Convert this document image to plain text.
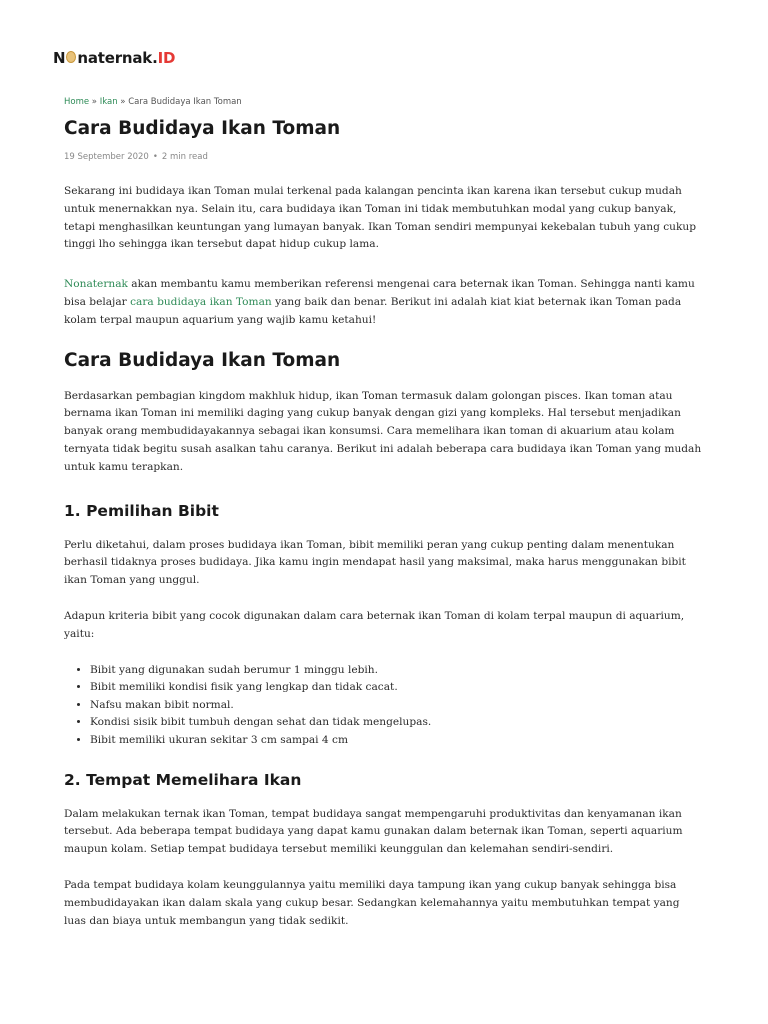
N naternak . ID
Home » Ikan » Cara Budidaya Ikan Toman
Cara Budidaya Ikan Toman
19 September 2020 • 2 min read

Sekarang ini budidaya ikan Toman mulai terkenal pada kalangan pencinta ikan karena ikan tersebut cukup mudah untuk menernakkan nya. Selain itu, cara budidaya ikan Toman ini tidak membutuhkan modal yang cukup banyak, tetapi menghasilkan keuntungan yang lumayan banyak. Ikan Toman sendiri mempunyai kekebalan tubuh yang cukup tinggi lho sehingga ikan tersebut dapat hidup cukup lama.

Nonaternak akan membantu kamu memberikan referensi mengenai cara beternak ikan Toman. Sehingga nanti kamu bisa belajar cara budidaya ikan Toman yang baik dan benar. Berikut ini adalah kiat kiat beternak ikan Toman pada kolam terpal maupun aquarium yang wajib kamu ketahui!

Cara Budidaya Ikan Toman

Berdasarkan pembagian kingdom makhluk hidup, ikan Toman termasuk dalam golongan pisces. Ikan toman atau bernama ikan Toman ini memiliki daging yang cukup banyak dengan gizi yang kompleks. Hal tersebut menjadikan banyak orang membudidayakannya sebagai ikan konsumsi. Cara memelihara ikan toman di akuarium atau kolam ternyata tidak begitu susah asalkan tahu caranya. Berikut ini adalah beberapa cara budidaya ikan Toman yang mudah untuk kamu terapkan.

1. Pemilihan Bibit

Perlu diketahui, dalam proses budidaya ikan Toman, bibit memiliki peran yang cukup penting dalam menentukan berhasil tidaknya proses budidaya. Jika kamu ingin mendapat hasil yang maksimal, maka harus menggunakan bibit ikan Toman yang unggul.

Adapun kriteria bibit yang cocok digunakan dalam cara beternak ikan Toman di kolam terpal maupun di aquarium, yaitu:

• Bibit yang digunakan sudah berumur 1 minggu lebih.
• Bibit memiliki kondisi fisik yang lengkap dan tidak cacat.
• Nafsu makan bibit normal.
• Kondisi sisik bibit tumbuh dengan sehat dan tidak mengelupas.
• Bibit memiliki ukuran sekitar 3 cm sampai 4 cm
2. Tempat Memelihara Ikan

Dalam melakukan ternak ikan Toman, tempat budidaya sangat mempengaruhi produktivitas dan kenyamanan ikan tersebut. Ada beberapa tempat budidaya yang dapat kamu gunakan dalam beternak ikan Toman, seperti aquarium maupun kolam. Setiap tempat budidaya tersebut memiliki keunggulan dan kelemahan sendiri-sendiri.

Pada tempat budidaya kolam keunggulannya yaitu memiliki daya tampung ikan yang cukup banyak sehingga bisa membudidayakan ikan dalam skala yang cukup besar. Sedangkan kelemahannya yaitu membutuhkan tempat yang luas dan biaya untuk membangun yang tidak sedikit.
